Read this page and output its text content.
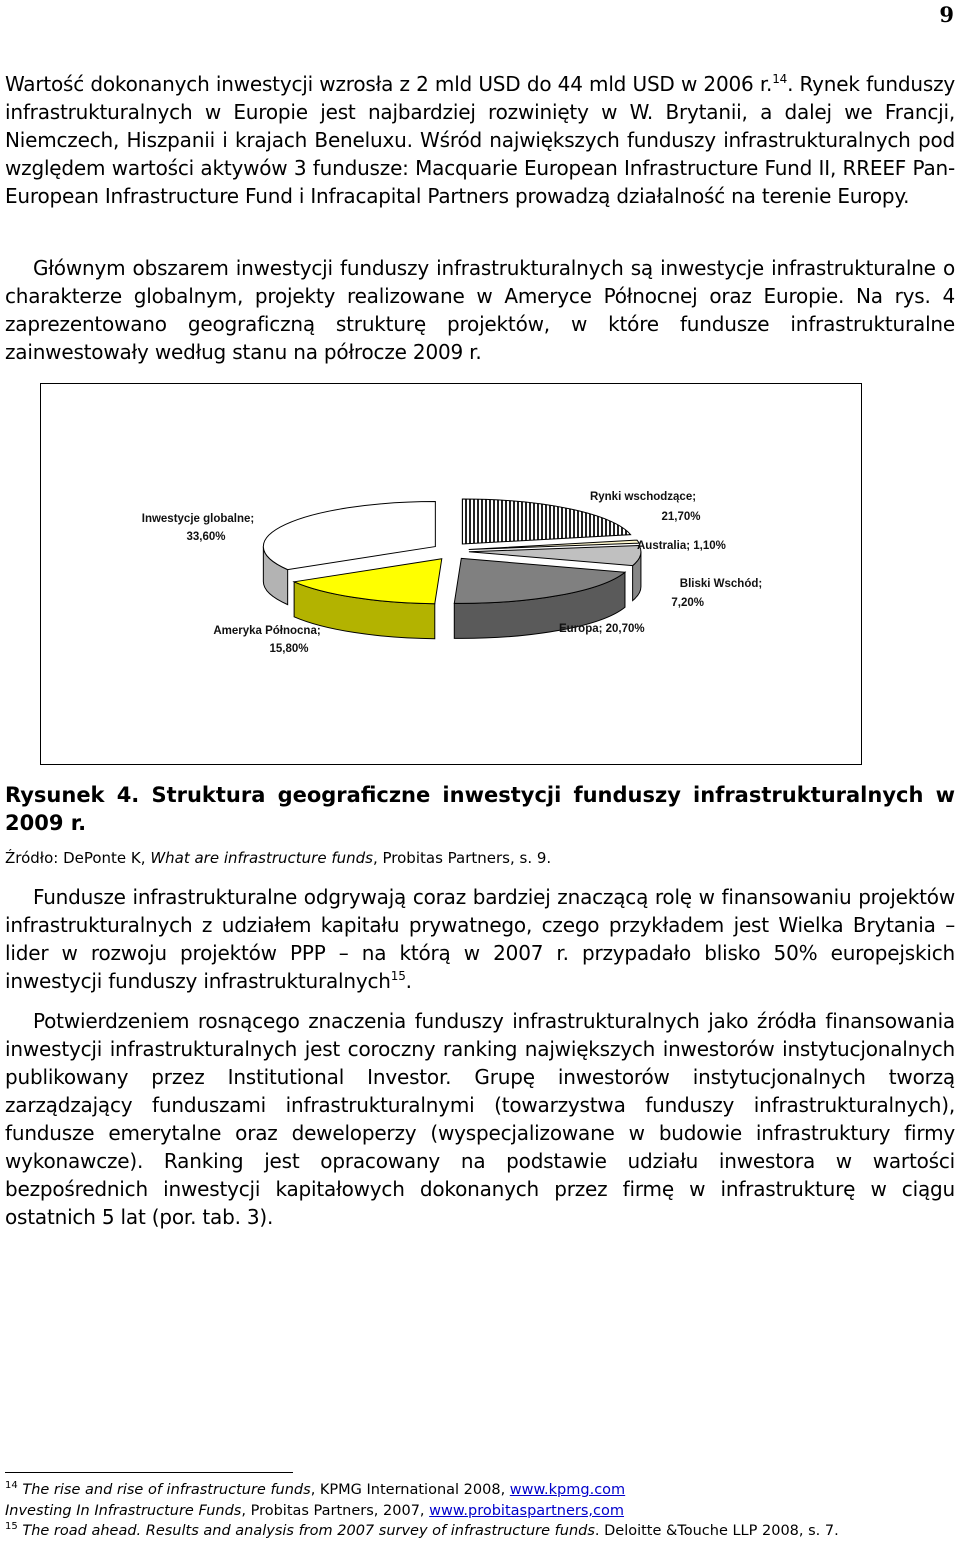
9
Wartość dokonanych inwestycji wzrosła z 2 mld USD do 44 mld USD w 2006 r.$^{14}$. Rynek funduszy infrastrukturalnych w Europie jest najbardziej rozwinięty w W. Brytanii, a dalej we Francji, Niemczech, Hiszpanii i krajach Beneluxu. Wśród największych funduszy infrastrukturalnych pod względem wartości aktywów 3 fundusze: Macquarie European Infrastructure Fund II, RREEF Pan-European Infrastructure Fund i Infracapital Partners prowadzą działalność na terenie Europy.
Głównym obszarem inwestycji funduszy infrastrukturalnych są inwestycje infrastrukturalne o charakterze globalnym, projekty realizowane w Ameryce Północnej oraz Europie. Na rys. 4 zaprezentowano geograficzną strukturę projektów, w które fundusze infrastrukturalne zainwestowały według stanu na półrocze 2009 r.
Rynki wschodzące;
21,70%
Australia; 1,10%
Bliski Wschód;
7,20%
Europa; 20,70%
Ameryka Północna;
15,80%
Inwestycje globalne;
33,60%
Rysunek 4. Struktura geograficzne inwestycji funduszy infrastrukturalnych w 2009 r.
Źródło: DePonte K, What are infrastructure funds, Probitas Partners, s. 9.
Fundusze infrastrukturalne odgrywają coraz bardziej znaczącą rolę w finansowaniu projektów infrastrukturalnych z udziałem kapitału prywatnego, czego przykładem jest Wielka Brytania – lider w rozwoju projektów PPP – na którą w 2007 r. przypadało blisko 50% europejskich inwestycji funduszy infrastrukturalnych$^{15}$.
Potwierdzeniem rosnącego znaczenia funduszy infrastrukturalnych jako źródła finansowania inwestycji infrastrukturalnych jest coroczny ranking największych inwestorów instytucjonalnych publikowany przez Institutional Investor. Grupę inwestorów instytucjonalnych tworzą zarządzający funduszami infrastrukturalnymi (towarzystwa funduszy infrastrukturalnych), fundusze emerytalne oraz deweloperzy (wyspecjalizowane w budowie infrastruktury firmy wykonawcze). Ranking jest opracowany na podstawie udziału inwestora w wartości bezpośrednich inwestycji kapitałowych dokonanych przez firmę w infrastrukturę w ciągu ostatnich 5 lat (por. tab. 3).
$^{14}$ The rise and rise of infrastructure funds, KPMG International 2008, www.kpmg.com
Investing In Infrastructure Funds, Probitas Partners, 2007, www.probitaspartners,com
$^{15}$ The road ahead. Results and analysis from 2007 survey of infrastructure funds. Deloitte &Touche LLP 2008, s. 7.
